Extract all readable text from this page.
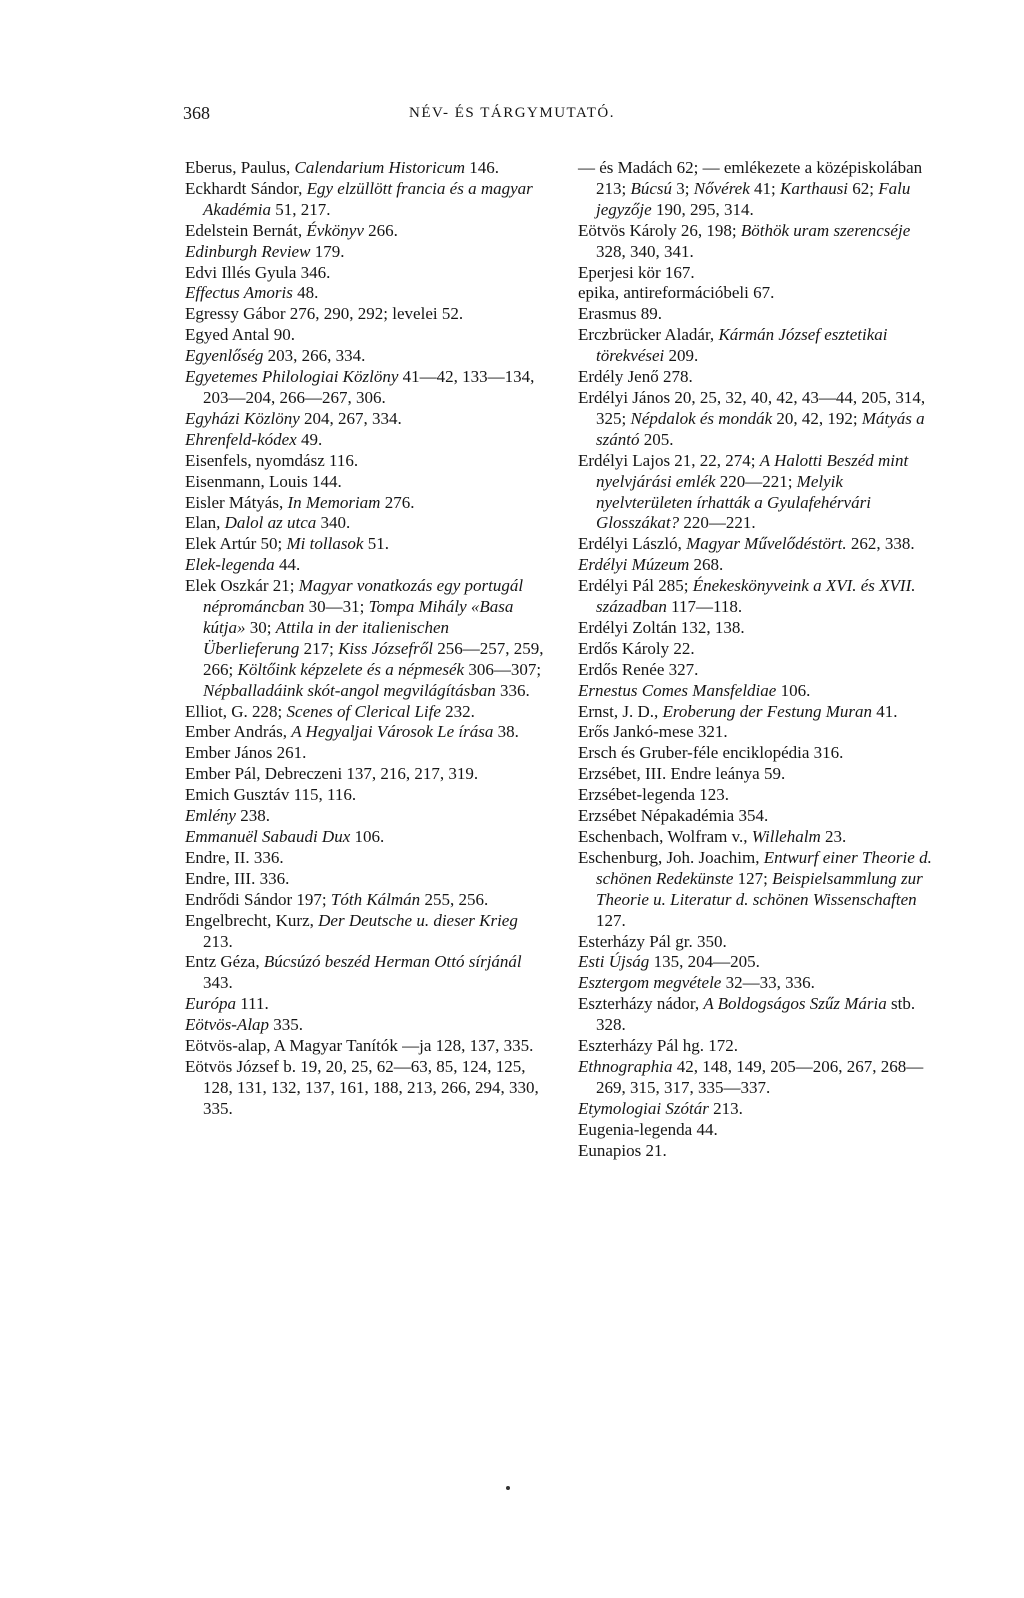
368	NÉV- ÉS TÁRGYMUTATÓ.

Eberus, Paulus, Calendarium Historicum 146.

Eckhardt Sándor, Egy elzüllött francia és a magyar Akadémia 51, 217.

Edelstein Bernát, Évkönyv 266.

Edinburgh Review 179.

Edvi Illés Gyula 346.

Effectus Amoris 48.

Egressy Gábor 276, 290, 292; levelei 52.

Egyed Antal 90.

Egyenlőség 203, 266, 334.

Egyetemes Philologiai Közlöny 41—42, 133—134, 203—204, 266—267, 306.

Egyházi Közlöny 204, 267, 334.

Ehrenfeld-kódex 49.

Eisenfels, nyomdász 116.

Eisenmann, Louis 144.

Eisler Mátyás, In Memoriam 276.

Elan, Dalol az utca 340.

Elek Artúr 50; Mi tollasok 51.

Elek-legenda 44.

Elek Oszkár 21; Magyar vonatkozás egy portugál néprománcban 30—31; Tompa Mihály «Basa kútja» 30; Attila in der italienischen Überlieferung 217; Kiss Józsefről 256—257, 259, 266; Költőink képzelete és a népmesék 306—307; Népballadáink skót-angol megvilágításban 336.

Elliot, G. 228; Scenes of Clerical Life 232.

Ember András, A Hegyaljai Városok Le írása 38.

Ember János 261.

Ember Pál, Debreczeni 137, 216, 217, 319.

Emich Gusztáv 115, 116.

Emlény 238.

Emmanuël Sabaudi Dux 106.

Endre, II. 336.

Endre, III. 336.

Endrődi Sándor 197; Tóth Kálmán 255, 256.

Engelbrecht, Kurz, Der Deutsche u. dieser Krieg 213.

Entz Géza, Búcsúzó beszéd Herman Ottó sírjánál 343.

Európa 111.

Eötvös-Alap 335.

Eötvös-alap, A Magyar Tanítók —ja 128, 137, 335.

Eötvös József b. 19, 20, 25, 62—63, 85, 124, 125, 128, 131, 132, 137, 161, 188, 213, 266, 294, 330, 335.

— és Madách 62; — emlékezete a középiskolában 213; Búcsú 3; Nővérek 41; Karthausi 62; Falu jegyzője 190, 295, 314.

Eötvös Károly 26, 198; Böthök uram szerencséje 328, 340, 341.

Eperjesi kör 167.

epika, antireformációbeli 67.

Erasmus 89.

Erczbrücker Aladár, Kármán József esztetikai törekvései 209.

Erdély Jenő 278.

Erdélyi János 20, 25, 32, 40, 42, 43—44, 205, 314, 325; Népdalok és mondák 20, 42, 192; Mátyás a szántó 205.

Erdélyi Lajos 21, 22, 274; A Halotti Beszéd mint nyelvjárási emlék 220—221; Melyik nyelvterületen írhatták a Gyulafehérvári Glosszákat? 220—221.

Erdélyi László, Magyar Művelődéstört. 262, 338.

Erdélyi Múzeum 268.

Erdélyi Pál 285; Énekeskönyveink a XVI. és XVII. században 117—118.

Erdélyi Zoltán 132, 138.

Erdős Károly 22.

Erdős Renée 327.

Ernestus Comes Mansfeldiae 106.

Ernst, J. D., Eroberung der Festung Muran 41.

Erős Jankó-mese 321.

Ersch és Gruber-féle enciklopédia 316.

Erzsébet, III. Endre leánya 59.

Erzsébet-legenda 123.

Erzsébet Népakadémia 354.

Eschenbach, Wolfram v., Willehalm 23.

Eschenburg, Joh. Joachim, Entwurf einer Theorie d. schönen Redekünste 127; Beispielsammlung zur Theorie u. Literatur d. schönen Wissenschaften 127.

Esterházy Pál gr. 350.

Esti Újság 135, 204—205.

Esztergom megvétele 32—33, 336.

Eszterházy nádor, A Boldogságos Szűz Mária stb. 328.

Eszterházy Pál hg. 172.

Ethnographia 42, 148, 149, 205—206, 267, 268—269, 315, 317, 335—337.

Etymologiai Szótár 213.

Eugenia-legenda 44.

Eunapios 21.
